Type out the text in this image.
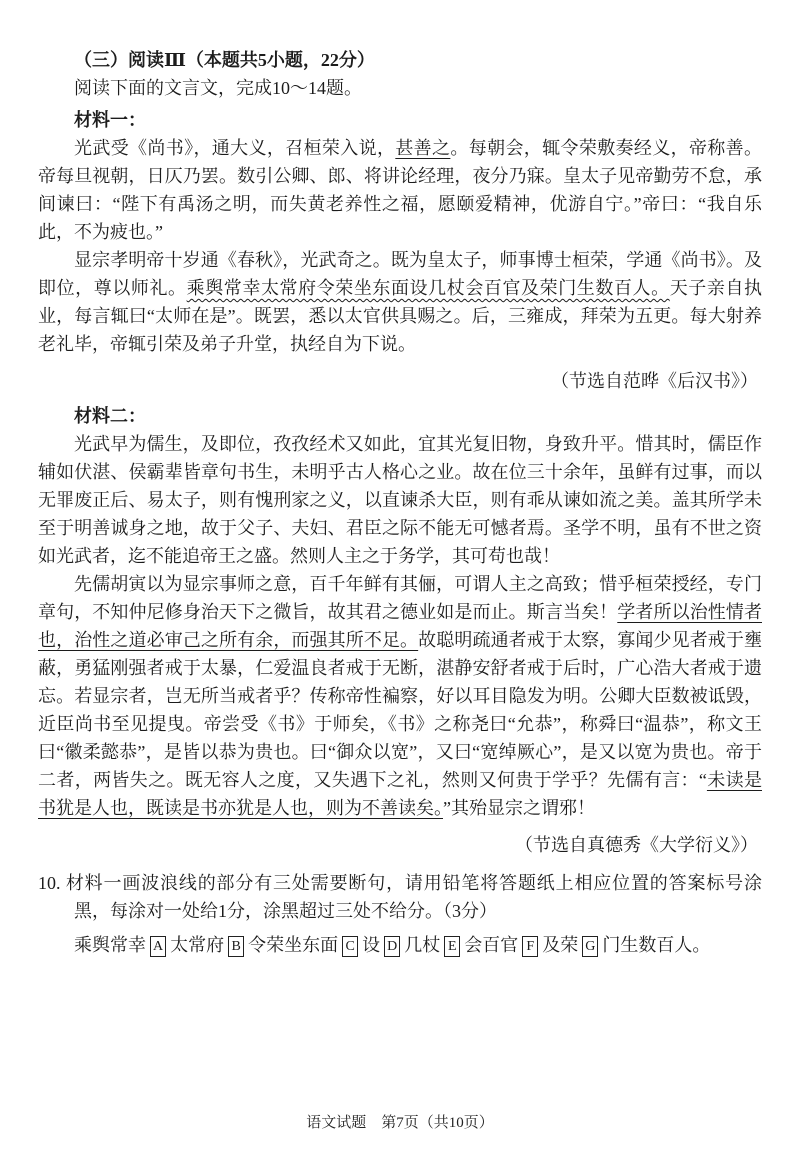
（三）阅读Ⅲ（本题共5小题，22分）
阅读下面的文言文，完成10～14题。
材料一：
光武受《尚书》，通大义，召桓荣入说，甚善之。每朝会，辄令荣敷奏经义，帝称善。帝每旦视朝，日仄乃罢。数引公卿、郎、将讲论经理，夜分乃寐。皇太子见帝勤劳不怠，承间谏曰：“陛下有禹汤之明，而失黄老养性之福，愿颐爱精神，优游自宁。”帝曰：“我自乐此，不为疲也。”
显宗孝明帝十岁通《春秋》，光武奇之。既为皇太子，师事博士桓荣，学通《尚书》。及即位，尊以师礼。乘舆常幸太常府令荣坐东面设几杖会百官及荣门生数百人。天子亲自执业，每言辄曰“太师在是”。既罢，悉以太官供具赐之。后，三雍成，拜荣为五更。每大射养老礼毕，帝辄引荣及弟子升堂，执经自为下说。
（节选自范晔《后汉书》）
材料二：
光武早为儒生，及即位，孜孜经术又如此，宜其光复旧物，身致升平。惜其时，儒臣作辅如伏湛、侯霸辈皆章句书生，未明乎古人格心之业。故在位三十余年，虽鲜有过事，而以无罪废正后、易太子，则有愧刑家之义，以直谏杀大臣，则有乖从谏如流之美。盖其所学未至于明善诚身之地，故于父子、夫妇、君臣之际不能无可憾者焉。圣学不明，虽有不世之资如光武者，迄不能追帝王之盛。然则人主之于务学，其可苟也哉！
先儒胡寅以为显宗事师之意，百千年鲜有其俪，可谓人主之高致；惜乎桓荣授经，专门章句，不知仲尼修身治天下之微旨，故其君之德业如是而止。斯言当矣！学者所以治性情者也，治性之道必审己之所有余，而强其所不足。故聪明疏通者戒于太察，寡闻少见者戒于壅蔽，勇猛刚强者戒于太暴，仁爱温良者戒于无断，湛静安舒者戒于后时，广心浩大者戒于遗忘。若显宗者，岂无所当戒者乎？传称帝性褊察，好以耳目隐发为明。公卿大臣数被诋毁，近臣尚书至见提曳。帝尝受《书》于师矣，《书》之称尧曰“允恭”，称舜曰“温恭”，称文王曰“徽柔懿恭”，是皆以恭为贵也。曰“御众以宽”，又曰“宽绰厥心”，是又以宽为贵也。帝于二者，两皆失之。既无容人之度，又失遇下之礼，然则又何贵于学乎？先儒有言：“未读是书犹是人也，既读是书亦犹是人也，则为不善读矣。”其殆显宗之谓邪！
（节选自真德秀《大学衍义》）
10. 材料一画波浪线的部分有三处需要断句，请用铅笔将答题纸上相应位置的答案标号涂黑，每涂对一处给1分，涂黑超过三处不给分。（3分）
乘舆常幸 A 太常府 B 令荣坐东面 C 设 D 几杖 E 会百官 F 及荣 G 门生数百人。
语文试题　第7页（共10页）
